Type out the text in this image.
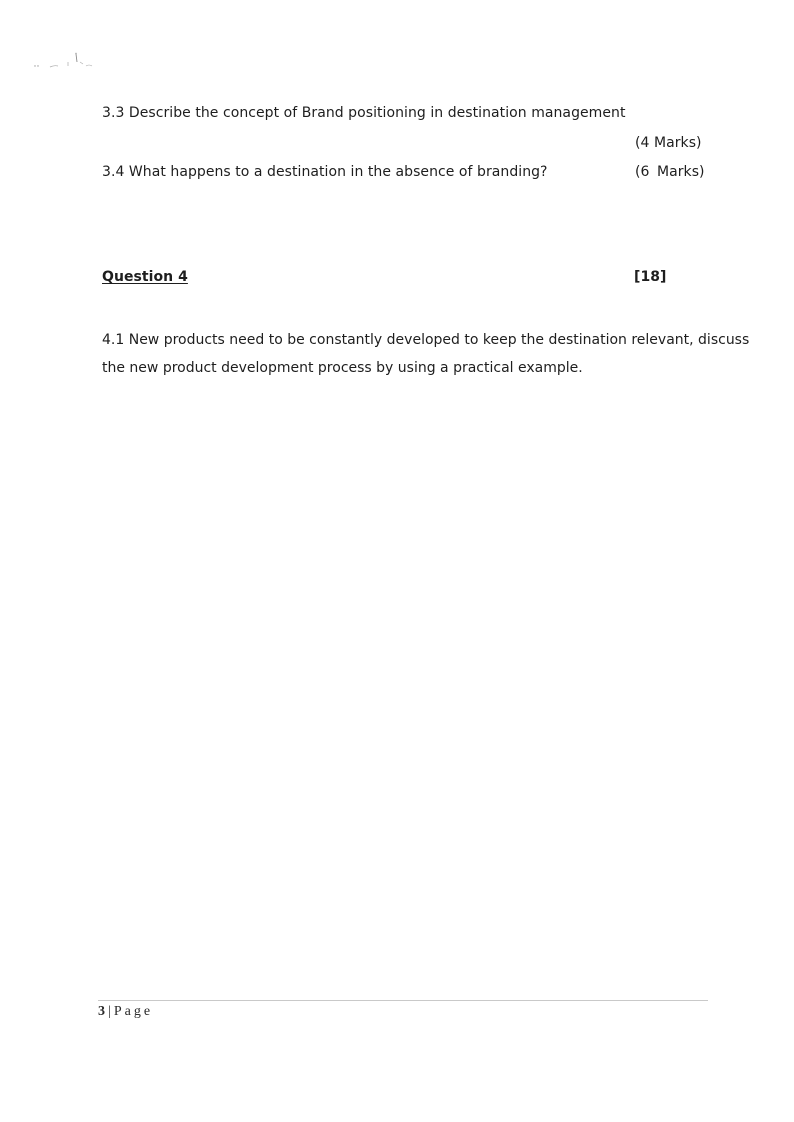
3.3 Describe the concept of Brand positioning in destination management
(4 Marks)
3.4 What happens to a destination in the absence of branding?	(6 Marks)
Question 4	[18]
4.1 New products need to be constantly developed to keep the destination relevant, discuss
the new product development process by using a practical example.
3 | Page
